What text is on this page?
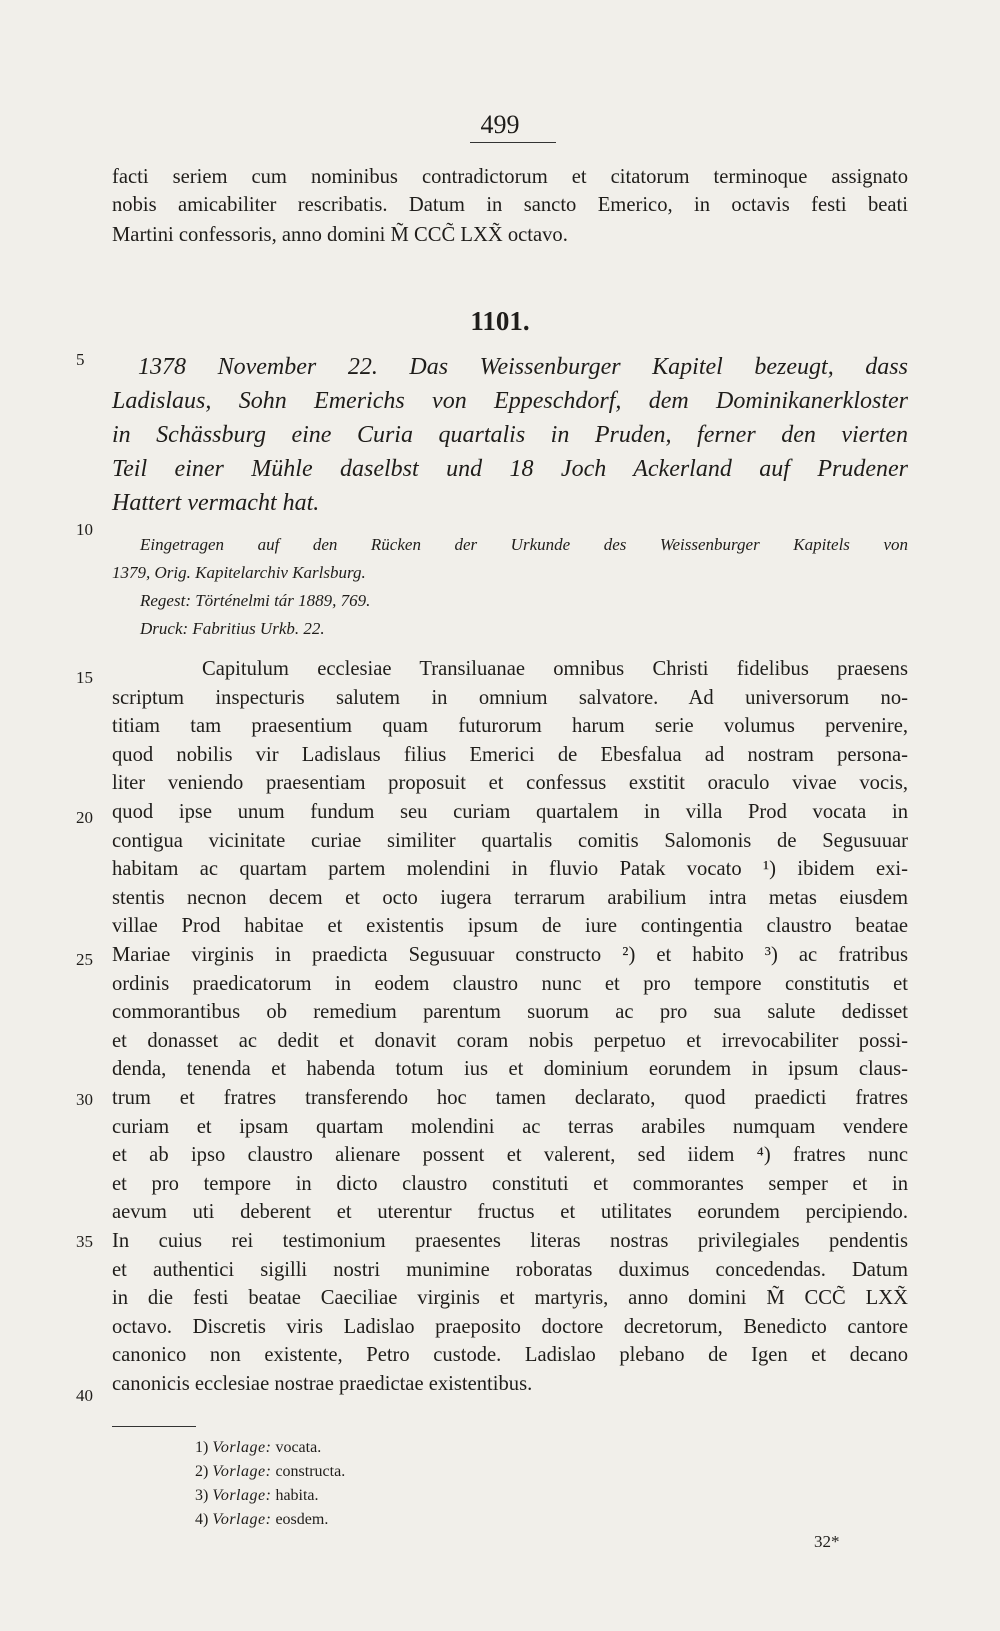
499
facti seriem cum nominibus contradictorum et citatorum terminoque assignato
nobis amicabiliter rescribatis. Datum in sancto Emerico, in octavis festi beati
Martini confessoris, anno domini M̃ CCC̃ LXX̃ octavo.
1101.
1378 November 22. Das Weissenburger Kapitel bezeugt, dass
Ladislaus, Sohn Emerichs von Eppeschdorf, dem Dominikanerkloster
in Schässburg eine Curia quartalis in Pruden, ferner den vierten
Teil einer Mühle daselbst und 18 Joch Ackerland auf Prudener
Hattert vermacht hat.
Eingetragen auf den Rücken der Urkunde des Weissenburger Kapitels von
1379, Orig. Kapitelarchiv Karlsburg.
Regest: Történelmi tár 1889, 769.
Druck: Fabritius Urkb. 22.
Capitulum ecclesiae Transiluanae omnibus Christi fidelibus praesens
scriptum inspecturis salutem in omnium salvatore. Ad universorum no-
titiam tam praesentium quam futurorum harum serie volumus pervenire,
quod nobilis vir Ladislaus filius Emerici de Ebesfalua ad nostram persona-
liter veniendo praesentiam proposuit et confessus exstitit oraculo vivae vocis,
quod ipse unum fundum seu curiam quartalem in villa Prod vocata in
contigua vicinitate curiae similiter quartalis comitis Salomonis de Segusuuar
habitam ac quartam partem molendini in fluvio Patak vocato ¹) ibidem exi-
stentis necnon decem et octo iugera terrarum arabilium intra metas eiusdem
villae Prod habitae et existentis ipsum de iure contingentia claustro beatae
Mariae virginis in praedicta Segusuuar constructo ²) et habito ³) ac fratribus
ordinis praedicatorum in eodem claustro nunc et pro tempore constitutis et
commorantibus ob remedium parentum suorum ac pro sua salute dedisset
et donasset ac dedit et donavit coram nobis perpetuo et irrevocabiliter possi-
denda, tenenda et habenda totum ius et dominium eorundem in ipsum claus-
trum et fratres transferendo hoc tamen declarato, quod praedicti fratres
curiam et ipsam quartam molendini ac terras arabiles numquam vendere
et ab ipso claustro alienare possent et valerent, sed iidem ⁴) fratres nunc
et pro tempore in dicto claustro constituti et commorantes semper et in
aevum uti deberent et uterentur fructus et utilitates eorundem percipiendo.
In cuius rei testimonium praesentes literas nostras privilegiales pendentis
et authentici sigilli nostri munimine roboratas duximus concedendas. Datum
in die festi beatae Caeciliae virginis et martyris, anno domini M̃ CCC̃ LXX̃
octavo. Discretis viris Ladislao praeposito doctore decretorum, Benedicto cantore
canonico non existente, Petro custode. Ladislao plebano de Igen et decano
canonicis ecclesiae nostrae praedictae existentibus.
5
10
15
20
25
30
35
40
1) Vorlage: vocata.
2) Vorlage: constructa.
3) Vorlage: habita.
4) Vorlage: eosdem.
32*
